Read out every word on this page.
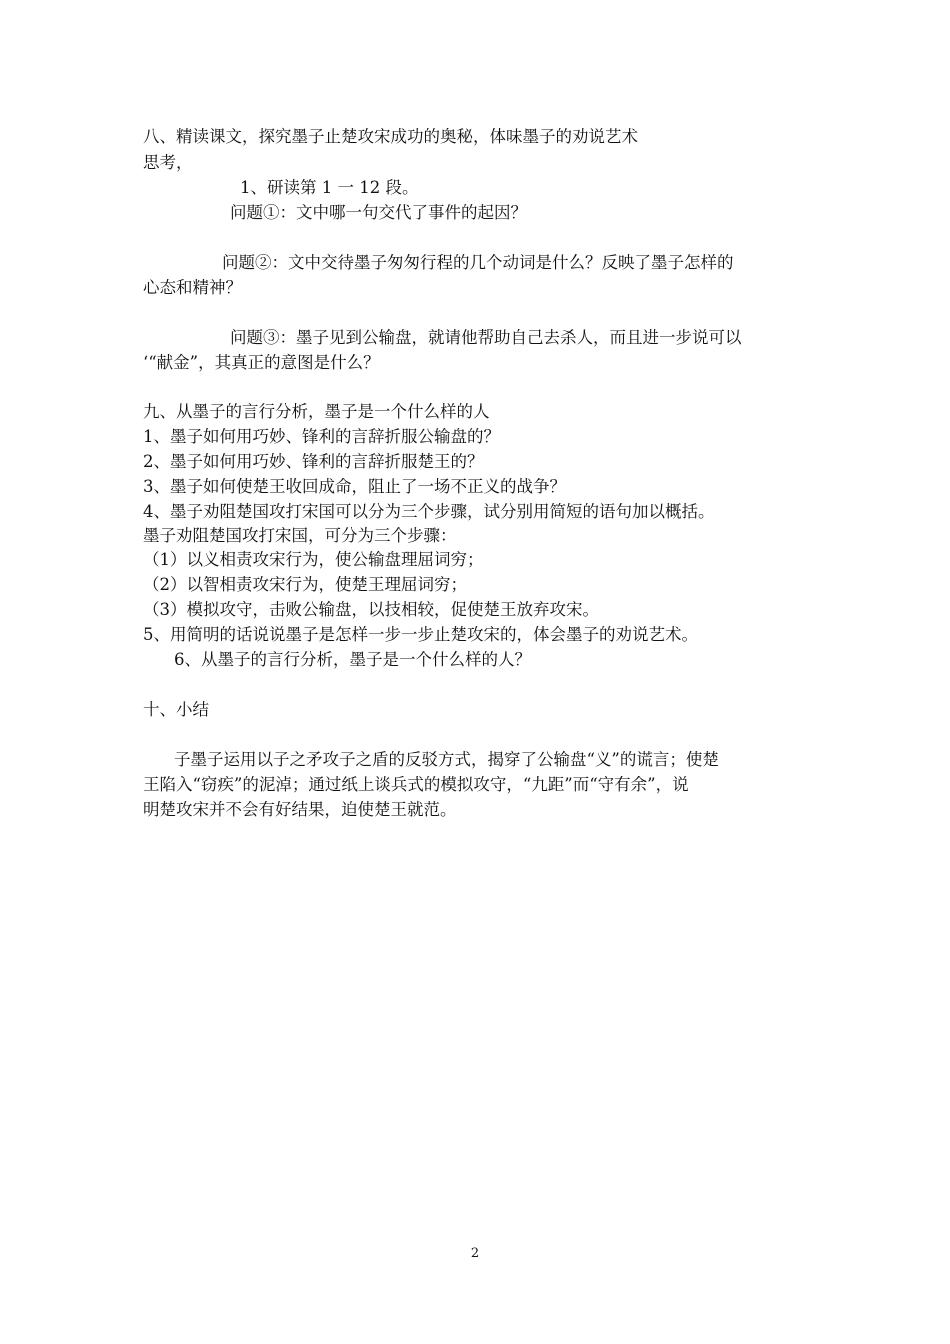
八、精读课文，探究墨子止楚攻宋成功的奥秘，体味墨子的劝说艺术
思考，
1、研读第 1 一 12 段。
问题①：文中哪一句交代了事件的起因？
问题②：文中交待墨子匆匆行程的几个动词是什么？反映了墨子怎样的
心态和精神？
问题③：墨子见到公输盘，就请他帮助自己去杀人，而且进一步说可以
‘“献金”，其真正的意图是什么？
九、从墨子的言行分析，墨子是一个什么样的人
1、墨子如何用巧妙、锋利的言辞折服公输盘的？
2、墨子如何用巧妙、锋利的言辞折服楚王的？
3、墨子如何使楚王收回成命，阻止了一场不正义的战争？
4、墨子劝阻楚国攻打宋国可以分为三个步骤，试分别用简短的语句加以概括。
墨子劝阻楚国攻打宋国，可分为三个步骤：
（1）以义相责攻宋行为，使公输盘理屈词穷；
（2）以智相责攻宋行为，使楚王理屈词穷；
（3）模拟攻守，击败公输盘，以技相较，促使楚王放弃攻宋。
5、用简明的话说说墨子是怎样一步一步止楚攻宋的，体会墨子的劝说艺术。
6、从墨子的言行分析，墨子是一个什么样的人？
十、小结
子墨子运用以子之矛攻子之盾的反驳方式，揭穿了公输盘“义”的谎言；使楚
王陷入“窃疾”的泥淖；通过纸上谈兵式的模拟攻守，“九距”而“守有余”，说
明楚攻宋并不会有好结果，迫使楚王就范。
2
